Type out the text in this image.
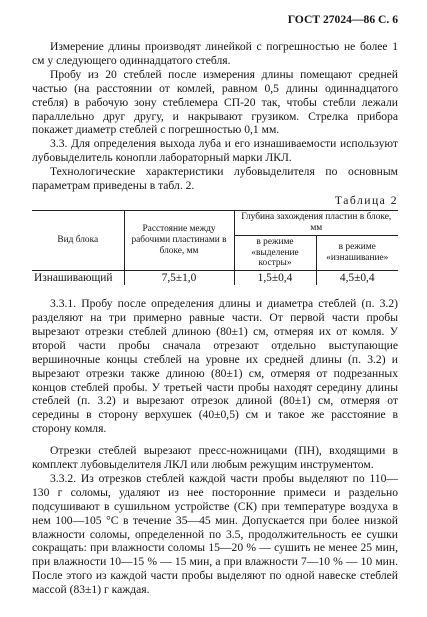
ГОСТ 27024—86 С. 6

Измерение длины производят линейкой с погрешностью не более 1 см у следующего одиннадцатого стебля.

Пробу из 20 стеблей после измерения длины помещают средней частью (на расстоянии от комлей, равном 0,5 длины одиннадцатого стебля) в рабочую зону стеблемера СП-20 так, чтобы стебли лежали параллельно друг другу, и накрывают грузиком. Стрелка прибора покажет диаметр стеблей с погрешностью 0,1 мм.

3.3. Для определения выхода луба и его изнашиваемости используют лубовыделитель конопли лабораторный марки ЛКЛ.

Технологические характеристики лубовыделителя по основным параметрам приведены в табл. 2.

Таблица 2
Вид блока	Расстояние между рабочими пластинами в блоке, мм	Глубина захождения пластин в блоке, мм	
		в режиме «выделение костры»	в режиме «изнашивание»
Изнашивающий	7,5±1,0	1,5±0,4	4,5±0,4

3.3.1. Пробу после определения длины и диаметра стеблей (п. 3.2) разделяют на три примерно равные части. От первой части пробы вырезают отрезки стеблей длиною (80±1) см, отмеряя их от комля. У второй части пробы сначала отрезают отдельно выступающие вершиночные концы стеблей на уровне их средней длины (п. 3.2) и вырезают отрезки также длиною (80±1) см, отмеряя от подрезанных концов стеблей пробы. У третьей части пробы находят середину длины стеблей (п. 3.2) и вырезают отрезок длиной (80±1) см, отмеряя от середины в сторону верхушек (40±0,5) см и такое же расстояние в сторону комля.

Отрезки стеблей вырезают пресс-ножницами (ПН), входящими в комплект лубовыделителя ЛКЛ или любым режущим инструментом.

3.3.2. Из отрезков стеблей каждой части пробы выделяют по 110—130 г соломы, удаляют из нее посторонние примеси и раздельно подсушивают в сушильном устройстве (СК) при температуре воздуха в нем 100—105 °С в течение 35—45 мин. Допускается при более низкой влажности соломы, определенной по 3.5, продолжительность ее сушки сокращать: при влажности соломы 15—20 % — сушить не менее 25 мин, при влажности 10—15 % — 15 мин, а при влажности 7—10 % — 10 мин. После этого из каждой части пробы выделяют по одной навеске стеблей массой (83±1) г каждая.
